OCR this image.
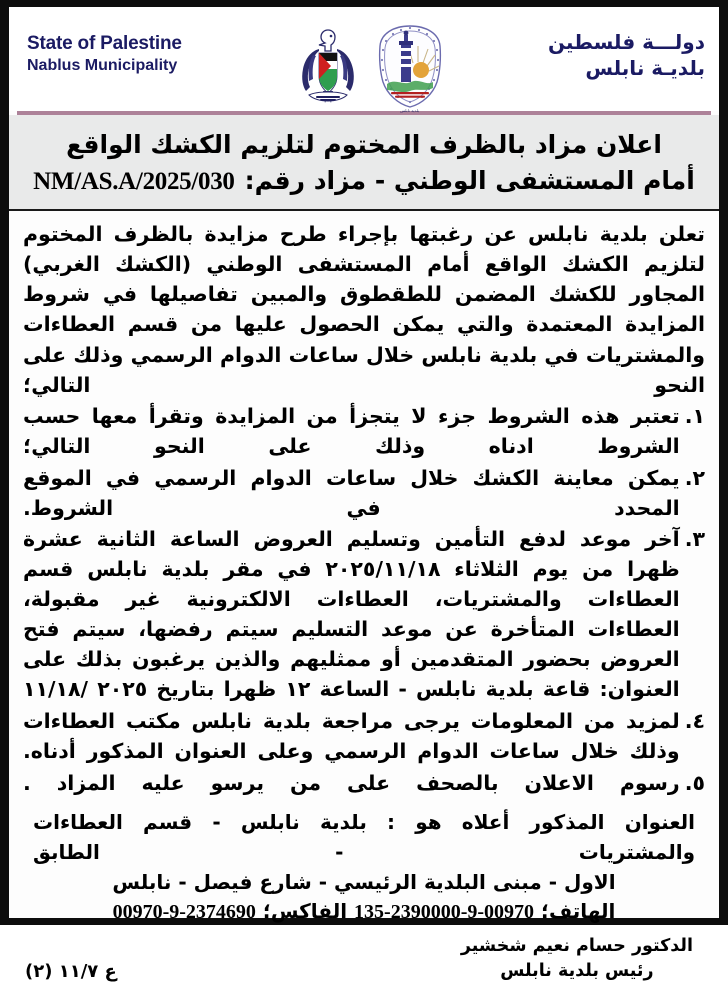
دولـــة فلسطين
بلديـة نابلس
بلدية نابلس
State of Palestine
Nablus Municipality
اعلان مزاد بالظرف المختوم لتلزيم الكشك الواقع
أمام المستشفى الوطني - مزاد رقم:
NM/AS.A/2025/030

تعلن بلدية نابلس عن رغبتها بإجراء طرح مزايدة بالظرف المختوم لتلزيم الكشك الواقع أمام المستشفى الوطني (الكشك الغربي) المجاور للكشك المضمن للطقطوق والمبين تفاصيلها في شروط المزايدة المعتمدة والتي يمكن الحصول عليها من قسم العطاءات والمشتريات في بلدية نابلس خلال ساعات الدوام الرسمي وذلك على النحو التالي؛

١.
تعتبر هذه الشروط جزء لا يتجزأ من المزايدة وتقرأ معها حسب الشروط ادناه وذلك على النحو التالي؛
٢.
يمكن معاينة الكشك خلال ساعات الدوام الرسمي في الموقع المحدد في الشروط.
٣.
آخر موعد لدفع التأمين وتسليم العروض الساعة الثانية عشرة ظهرا من يوم الثلاثاء ٢٠٢٥/١١/١٨ في مقر بلدية نابلس قسم العطاءات والمشتريات، العطاءات الالكترونية غير مقبولة، العطاءات المتأخرة عن موعد التسليم سيتم رفضها، سيتم فتح العروض بحضور المتقدمين أو ممثليهم والذين يرغبون بذلك على العنوان: قاعة بلدية نابلس - الساعة ١٢ ظهرا بتاريخ ٢٠٢٥ /١١/١٨
٤.
لمزيد من المعلومات يرجى مراجعة بلدية نابلس مكتب العطاءات وذلك خلال ساعات الدوام الرسمي وعلى العنوان المذكور أدناه.
٥.
رسوم الاعلان بالصحف على من يرسو عليه المزاد .
العنوان المذكور أعلاه هو : بلدية نابلس - قسم العطاءات والمشتريات - الطابق
الاول - مبنى البلدية الرئيسي - شارع فيصل - نابلس
الهاتف؛ 135-2390000-9-00970 الفاكس؛ 00970-9-2374690
الدكتور حسام نعيم شخشير
رئيس بلدية نابلس
ع ١١/٧ (٢)
